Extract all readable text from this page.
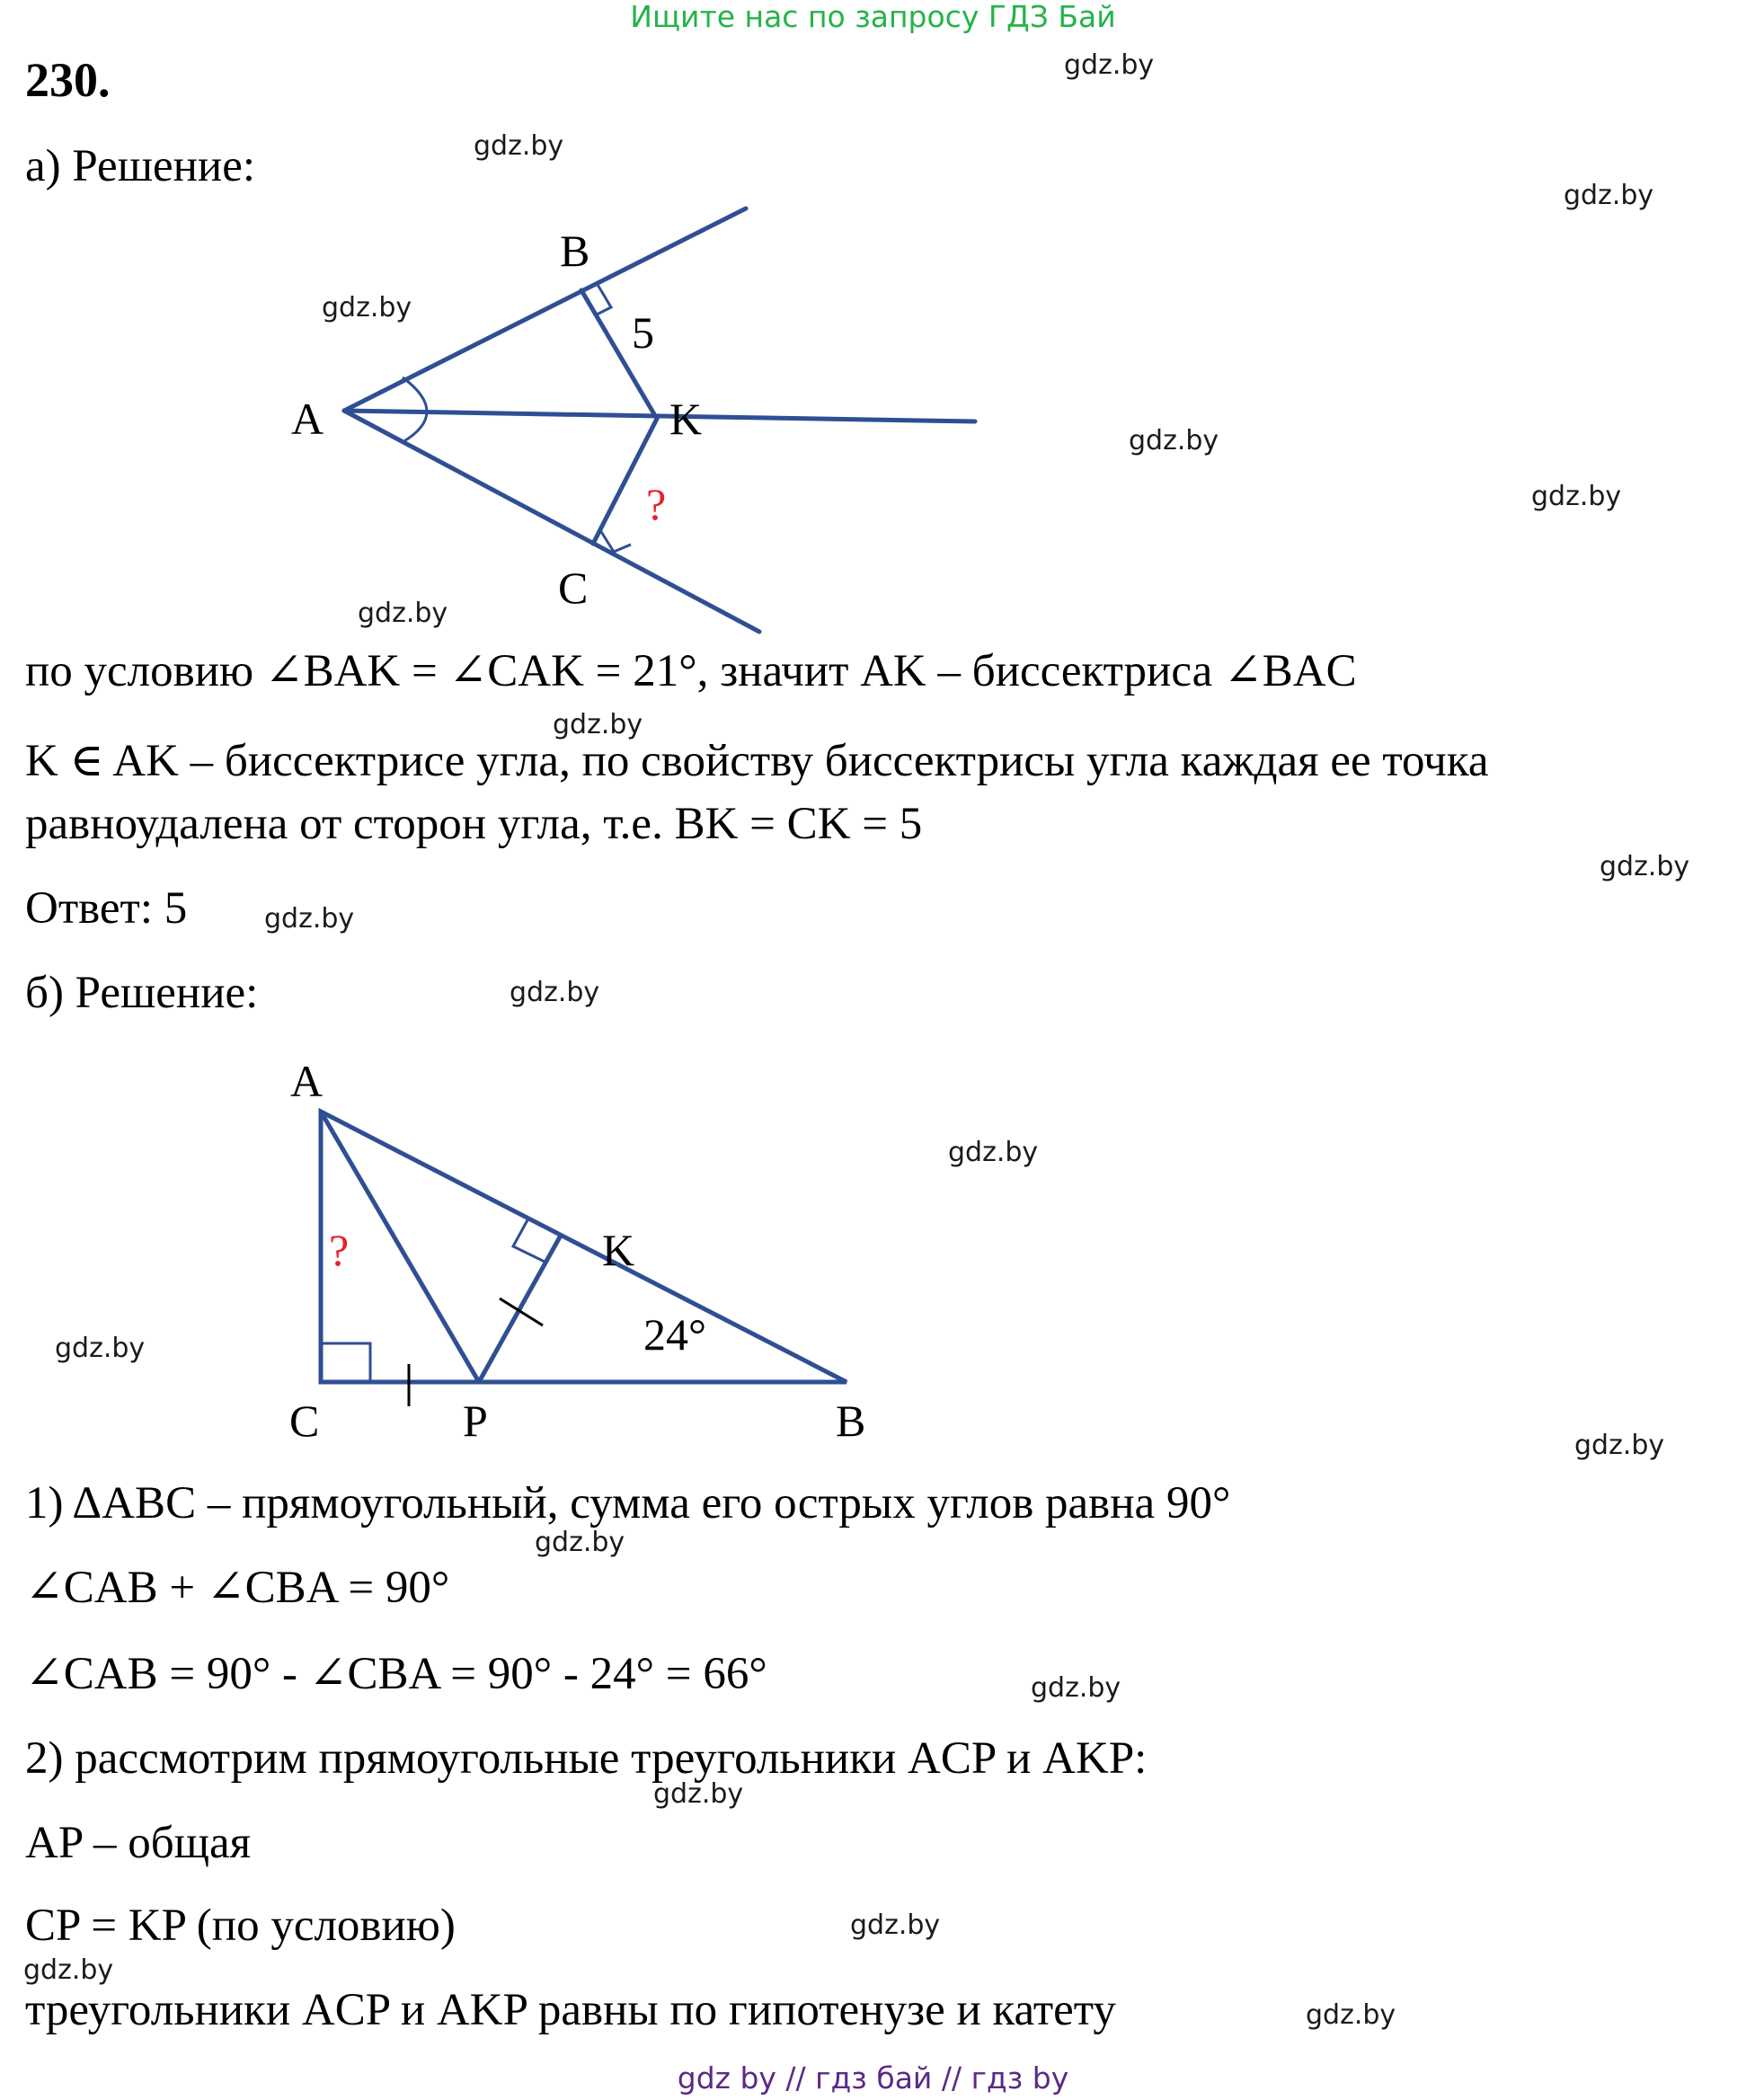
Ищите нас по запросу ГДЗ Бай
230.
а) Решение:
A
B
C
K
5
?
по условию ∠BAK = ∠CAK = 21°, значит AK – биссектриса ∠BAC
K ∈ AK – биссектрисе угла, по свойству биссектрисы угла каждая ее точка
равноудалена от сторон угла, т.е. BK = CK = 5
Ответ: 5
б) Решение:
A
C	P	B
K
24°
?
1) ΔABC – прямоугольный, сумма его острых углов равна 90°
∠CAB + ∠CBA = 90°
∠CAB = 90° - ∠CBA = 90° - 24° = 66°
2) рассмотрим прямоугольные треугольники ACP и AKP:
AP – общая
CP = KP (по условию)
треугольники ACP и AKP равны по гипотенузе и катету
gdz.by
gdz.by
gdz.by
gdz.by
gdz.by
gdz.by
gdz.by
gdz.by
gdz.by
gdz.by
gdz.by
gdz.by
gdz.by
gdz.by
gdz.by
gdz.by
gdz.by
gdz.by
gdz.by
gdz.by
gdz by // гдз бай // гдз by
